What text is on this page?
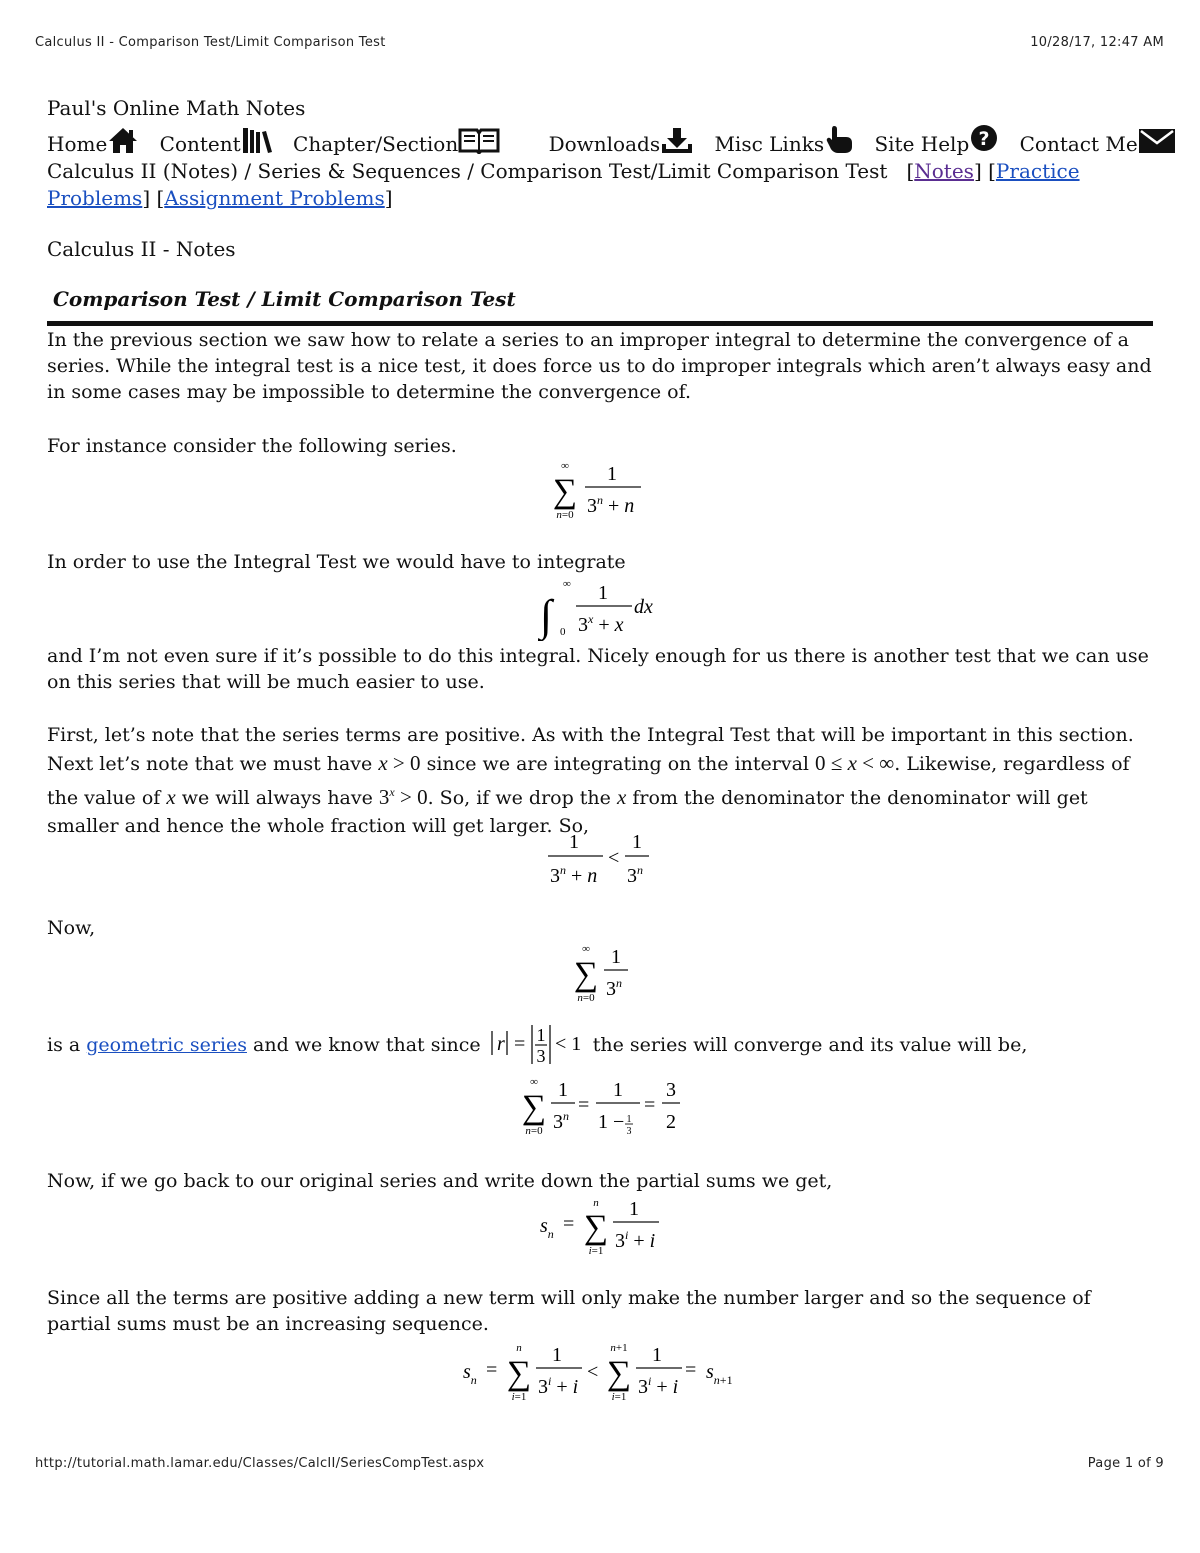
Calculus II - Comparison Test/Limit Comparison Test	10/28/17, 12:47 AM
http://tutorial.math.lamar.edu/Classes/CalcII/SeriesCompTest.aspx	Page 1 of 9
Paul's Online Math Notes
Home	Content	Chapter/Section	Downloads	Misc Links	Site Help ? Contact Me
Calculus II (Notes) / Series & Sequences / Comparison Test/Limit Comparison Test   [Notes] [Practice Problems] [Assignment Problems]
Calculus II - Notes
Comparison Test / Limit Comparison Test
In the previous section we saw how to relate a series to an improper integral to determine the convergence of a series. While the integral test is a nice test, it does force us to do improper integrals which aren’t always easy and in some cases may be impossible to determine the convergence of.
For instance consider the following series.
∞
∑
n=0
1
$3^n + n$
In order to use the Integral Test we would have to integrate
∫
∞
0
1
$3^x + x$
dx
and I’m not even sure if it’s possible to do this integral. Nicely enough for us there is another test that we can use on this series that will be much easier to use.
First, let’s note that the series terms are positive. As with the Integral Test that will be important in this section. Next let’s note that we must have x > 0 since we are integrating on the interval 0 ≤ x < ∞. Likewise, regardless of the value of x we will always have $3^x > 0$. So, if we drop the x from the denominator the denominator will get smaller and hence the whole fraction will get larger. So,
1
$3^n + n$
<
1
3$^n$
Now,
∞
∑
n=0
1
3$^n$
is a geometric series and we know that since r = 1
3
< 1 the series will converge and its value will be,
∞
∑
n=0
1
$3^n$ =
1
1 − 1
3
=
3
2
Now, if we go back to our original series and write down the partial sums we get,
$s_n$ =
n
∑
i=1
1
$3^i + i$
Since all the terms are positive adding a new term will only make the number larger and so the sequence of partial sums must be an increasing sequence.
$s_n$ =
n
∑
i=1
1
$3^i + i$
<
n+1
∑
i=1
1
$3^i + i$
= $s_{n+1}$
